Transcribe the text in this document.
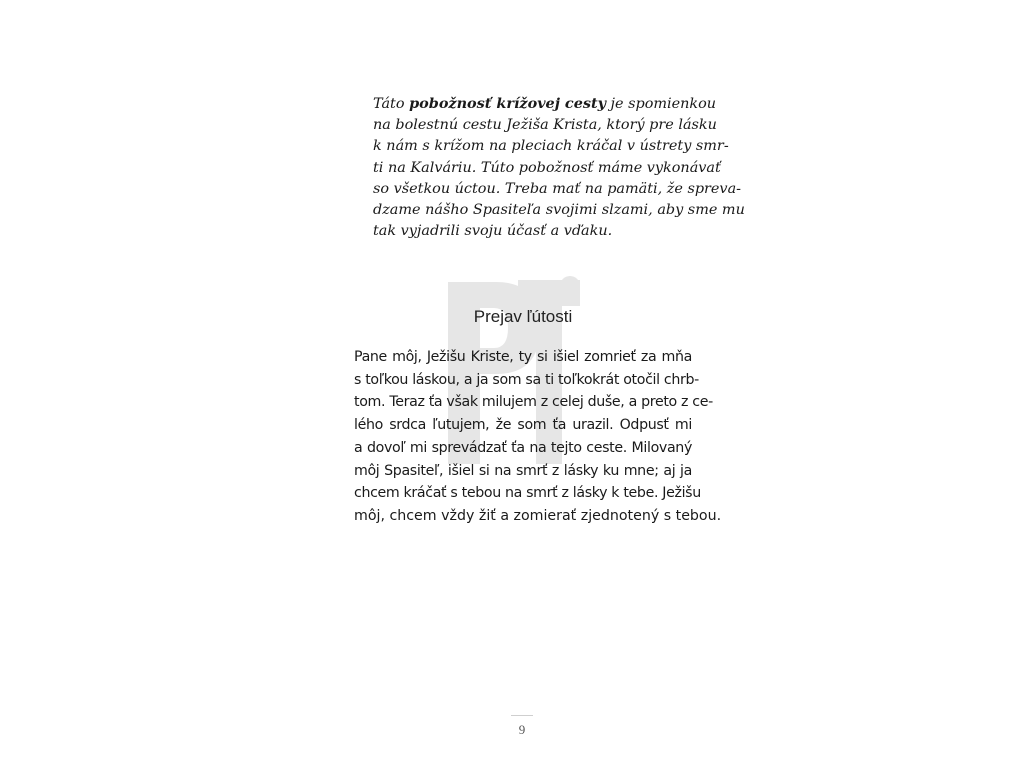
Táto pobožnosť krížovej cesty je spomienkou
na bolestnú cestu Ježiša Krista, ktorý pre lásku
k nám s krížom na pleciach kráčal v ústrety smr-
ti na Kalváriu. Túto pobožnosť máme vykonávať
so všetkou úctou. Treba mať na pamäti, že spreva-
dzame nášho Spasiteľa svojimi slzami, aby sme mu
tak vyjadrili svoju účasť a vďaku.
Prejav ľútosti
Pane môj, Ježišu Kriste, ty si išiel zomrieť za mňa
s toľkou láskou, a ja som sa ti toľkokrát otočil chrb-
tom. Teraz ťa však milujem z celej duše, a preto z ce-
lého srdca ľutujem, že som ťa urazil. Odpusť mi
a dovoľ mi sprevádzať ťa na tejto ceste. Milovaný
môj Spasiteľ, išiel si na smrť z lásky ku mne; aj ja
chcem kráčať s tebou na smrť z lásky k tebe. Ježišu
môj, chcem vždy žiť a zomierať zjednotený s tebou.
9
